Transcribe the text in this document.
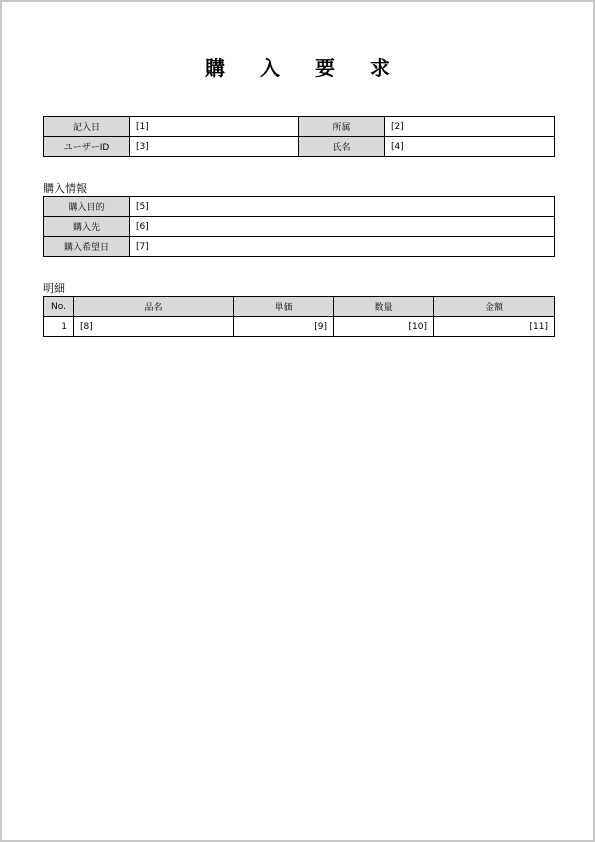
購 入 要 求
記入日	[1]	所属	[2]
ユーザーID	[3]	氏名	[4]
購入情報
購入目的	[5]
購入先	[6]
購入希望日	[7]
明細
No.	品名	単価	数量	金額
1	[8]	[9]	[10]	[11]
